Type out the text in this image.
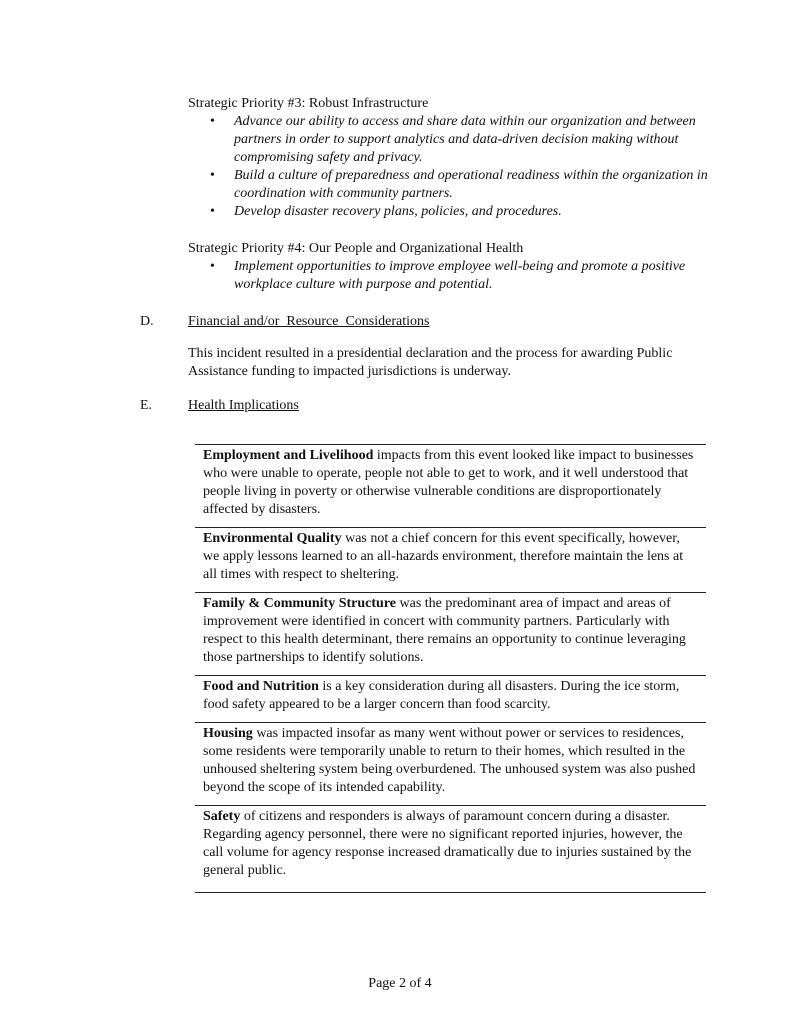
Strategic Priority #3: Robust Infrastructure
• Advance our ability to access and share data within our organization and between partners in order to support analytics and data-driven decision making without compromising safety and privacy.
• Build a culture of preparedness and operational readiness within the organization in coordination with community partners.
• Develop disaster recovery plans, policies, and procedures.
Strategic Priority #4: Our People and Organizational Health
• Implement opportunities to improve employee well-being and promote a positive workplace culture with purpose and potential.
D. Financial and/or  Resource  Considerations
This incident resulted in a presidential declaration and the process for awarding Public Assistance funding to impacted jurisdictions is underway.
E.	Health Implications
Employment and Livelihood impacts from this event looked like impact to businesses who were unable to operate, people not able to get to work, and it well understood that people living in poverty or otherwise vulnerable conditions are disproportionately affected by disasters.
Environmental Quality was not a chief concern for this event specifically, however, we apply lessons learned to an all-hazards environment, therefore maintain the lens at all times with respect to sheltering.
Family & Community Structure was the predominant area of impact and areas of improvement were identified in concert with community partners. Particularly with respect to this health determinant, there remains an opportunity to continue leveraging those partnerships to identify solutions.
Food and Nutrition is a key consideration during all disasters. During the ice storm, food safety appeared to be a larger concern than food scarcity.
Housing was impacted insofar as many went without power or services to residences, some residents were temporarily unable to return to their homes, which resulted in the unhoused sheltering system being overburdened. The unhoused system was also pushed beyond the scope of its intended capability.
Safety of citizens and responders is always of paramount concern during a disaster. Regarding agency personnel, there were no significant reported injuries, however, the call volume for agency response increased dramatically due to injuries sustained by the general public.
Page 2 of 4
